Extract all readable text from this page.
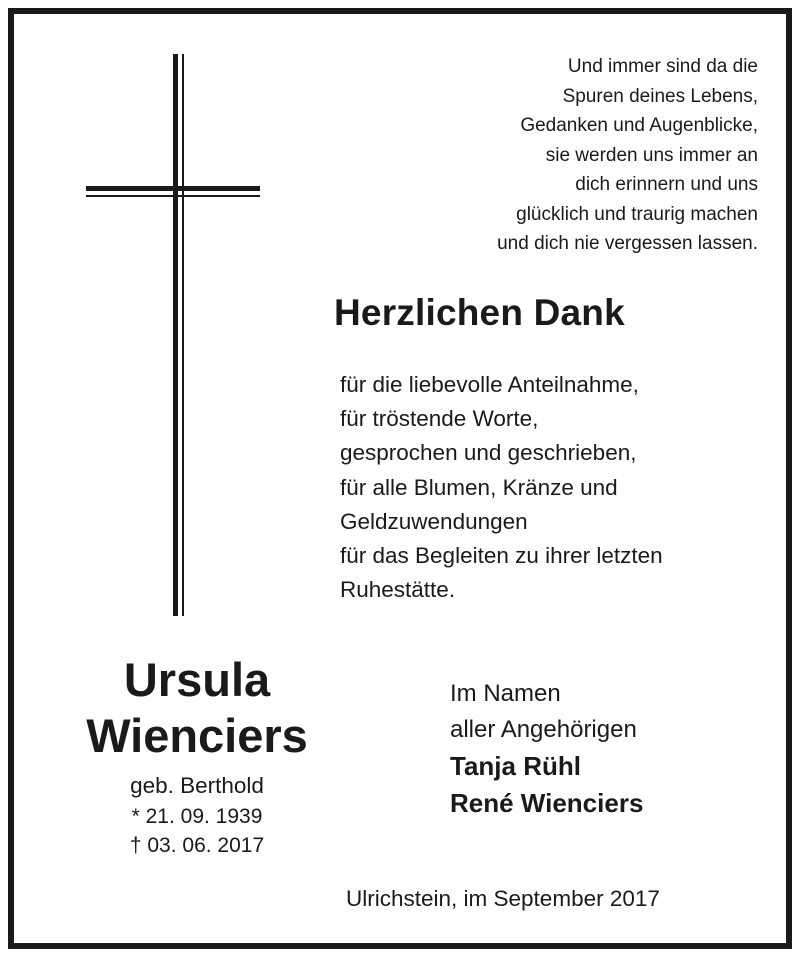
Und immer sind da die
Spuren deines Lebens,
Gedanken und Augenblicke,
sie werden uns immer an
dich erinnern und uns
glücklich und traurig machen
und dich nie vergessen lassen.
Herzlichen Dank
für die liebevolle Anteilnahme,
für tröstende Worte,
gesprochen und geschrieben,
für alle Blumen, Kränze und
Geldzuwendungen
für das Begleiten zu ihrer letzten
Ruhestätte.
Ursula
Wienciers
geb. Berthold
* 21. 09. 1939
† 03. 06. 2017
Im Namen
aller Angehörigen
Tanja Rühl
René Wienciers
Ulrichstein, im September 2017
